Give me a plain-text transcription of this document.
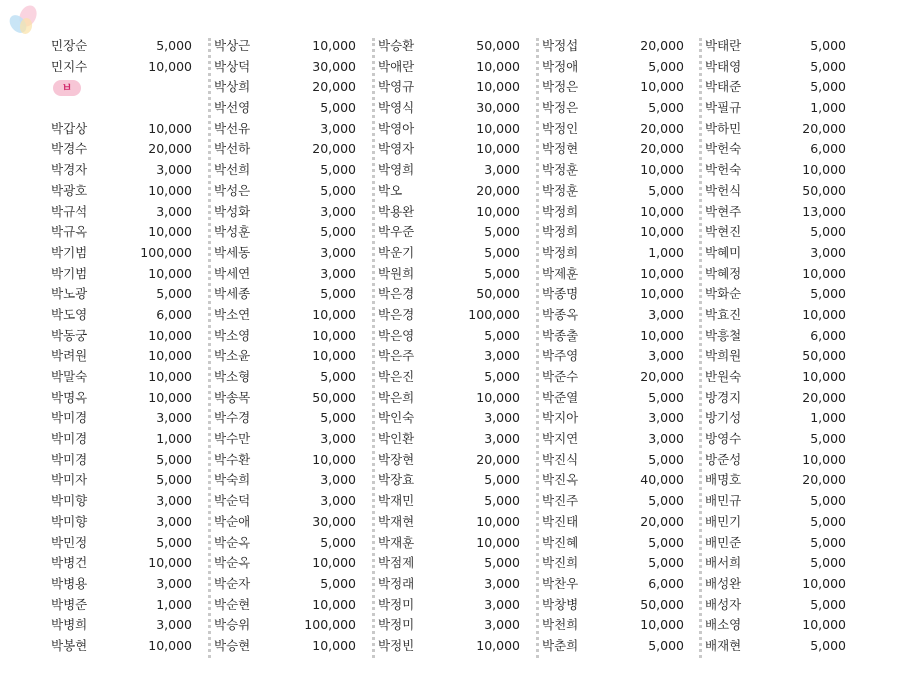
민장순	5,000
민지수	10,000
ㅂ
박갑상	10,000
박경수	20,000
박경자	3,000
박광호	10,000
박규석	3,000
박규옥	10,000
박기범	100,000
박기범	10,000
박노광	5,000
박도영	6,000
박동궁	10,000
박려원	10,000
박말숙	10,000
박명옥	10,000
박미경	3,000
박미경	1,000
박미경	5,000
박미자	5,000
박미향	3,000
박미향	3,000
박민정	5,000
박병건	10,000
박병용	3,000
박병준	1,000
박병희	3,000
박봉현	10,000
박상근	10,000
박상덕	30,000
박상희	20,000
박선영	5,000
박선유	3,000
박선하	20,000
박선희	5,000
박성은	5,000
박성화	3,000
박성훈	5,000
박세동	3,000
박세연	3,000
박세종	5,000
박소연	10,000
박소영	10,000
박소윤	10,000
박소형	5,000
박송목	50,000
박수경	5,000
박수만	3,000
박수환	10,000
박숙희	3,000
박순덕	3,000
박순애	30,000
박순옥	5,000
박순옥	10,000
박순자	5,000
박순현	10,000
박승위	100,000
박승현	10,000
박승환	50,000
박애란	10,000
박영규	10,000
박영식	30,000
박영아	10,000
박영자	10,000
박영희	3,000
박오	20,000
박용완	10,000
박우준	5,000
박운기	5,000
박원희	5,000
박은경	50,000
박은경	100,000
박은영	5,000
박은주	3,000
박은진	5,000
박은희	10,000
박인숙	3,000
박인환	3,000
박장현	20,000
박장효	5,000
박재민	5,000
박재현	10,000
박재훈	10,000
박점제	5,000
박정래	3,000
박정미	3,000
박정미	3,000
박정빈	10,000
박정섭	20,000
박정애	5,000
박정은	10,000
박정은	5,000
박정인	20,000
박정현	20,000
박정훈	10,000
박정훈	5,000
박정희	10,000
박정희	10,000
박정희	1,000
박제훈	10,000
박종명	10,000
박종옥	3,000
박종출	10,000
박주영	3,000
박준수	20,000
박준열	5,000
박지아	3,000
박지연	3,000
박진식	5,000
박진옥	40,000
박진주	5,000
박진태	20,000
박진혜	5,000
박진희	5,000
박찬우	6,000
박창병	50,000
박천희	10,000
박춘희	5,000
박태란	5,000
박태영	5,000
박태준	5,000
박필규	1,000
박하민	20,000
박헌숙	6,000
박헌숙	10,000
박헌식	50,000
박현주	13,000
박현진	5,000
박혜미	3,000
박혜정	10,000
박화순	5,000
박효진	10,000
박흥철	6,000
박희원	50,000
반원숙	10,000
방경지	20,000
방기성	1,000
방영수	5,000
방준성	10,000
배명호	20,000
배민규	5,000
배민기	5,000
배민준	5,000
배서희	5,000
배성완	10,000
배성자	5,000
배소영	10,000
배재현	5,000
